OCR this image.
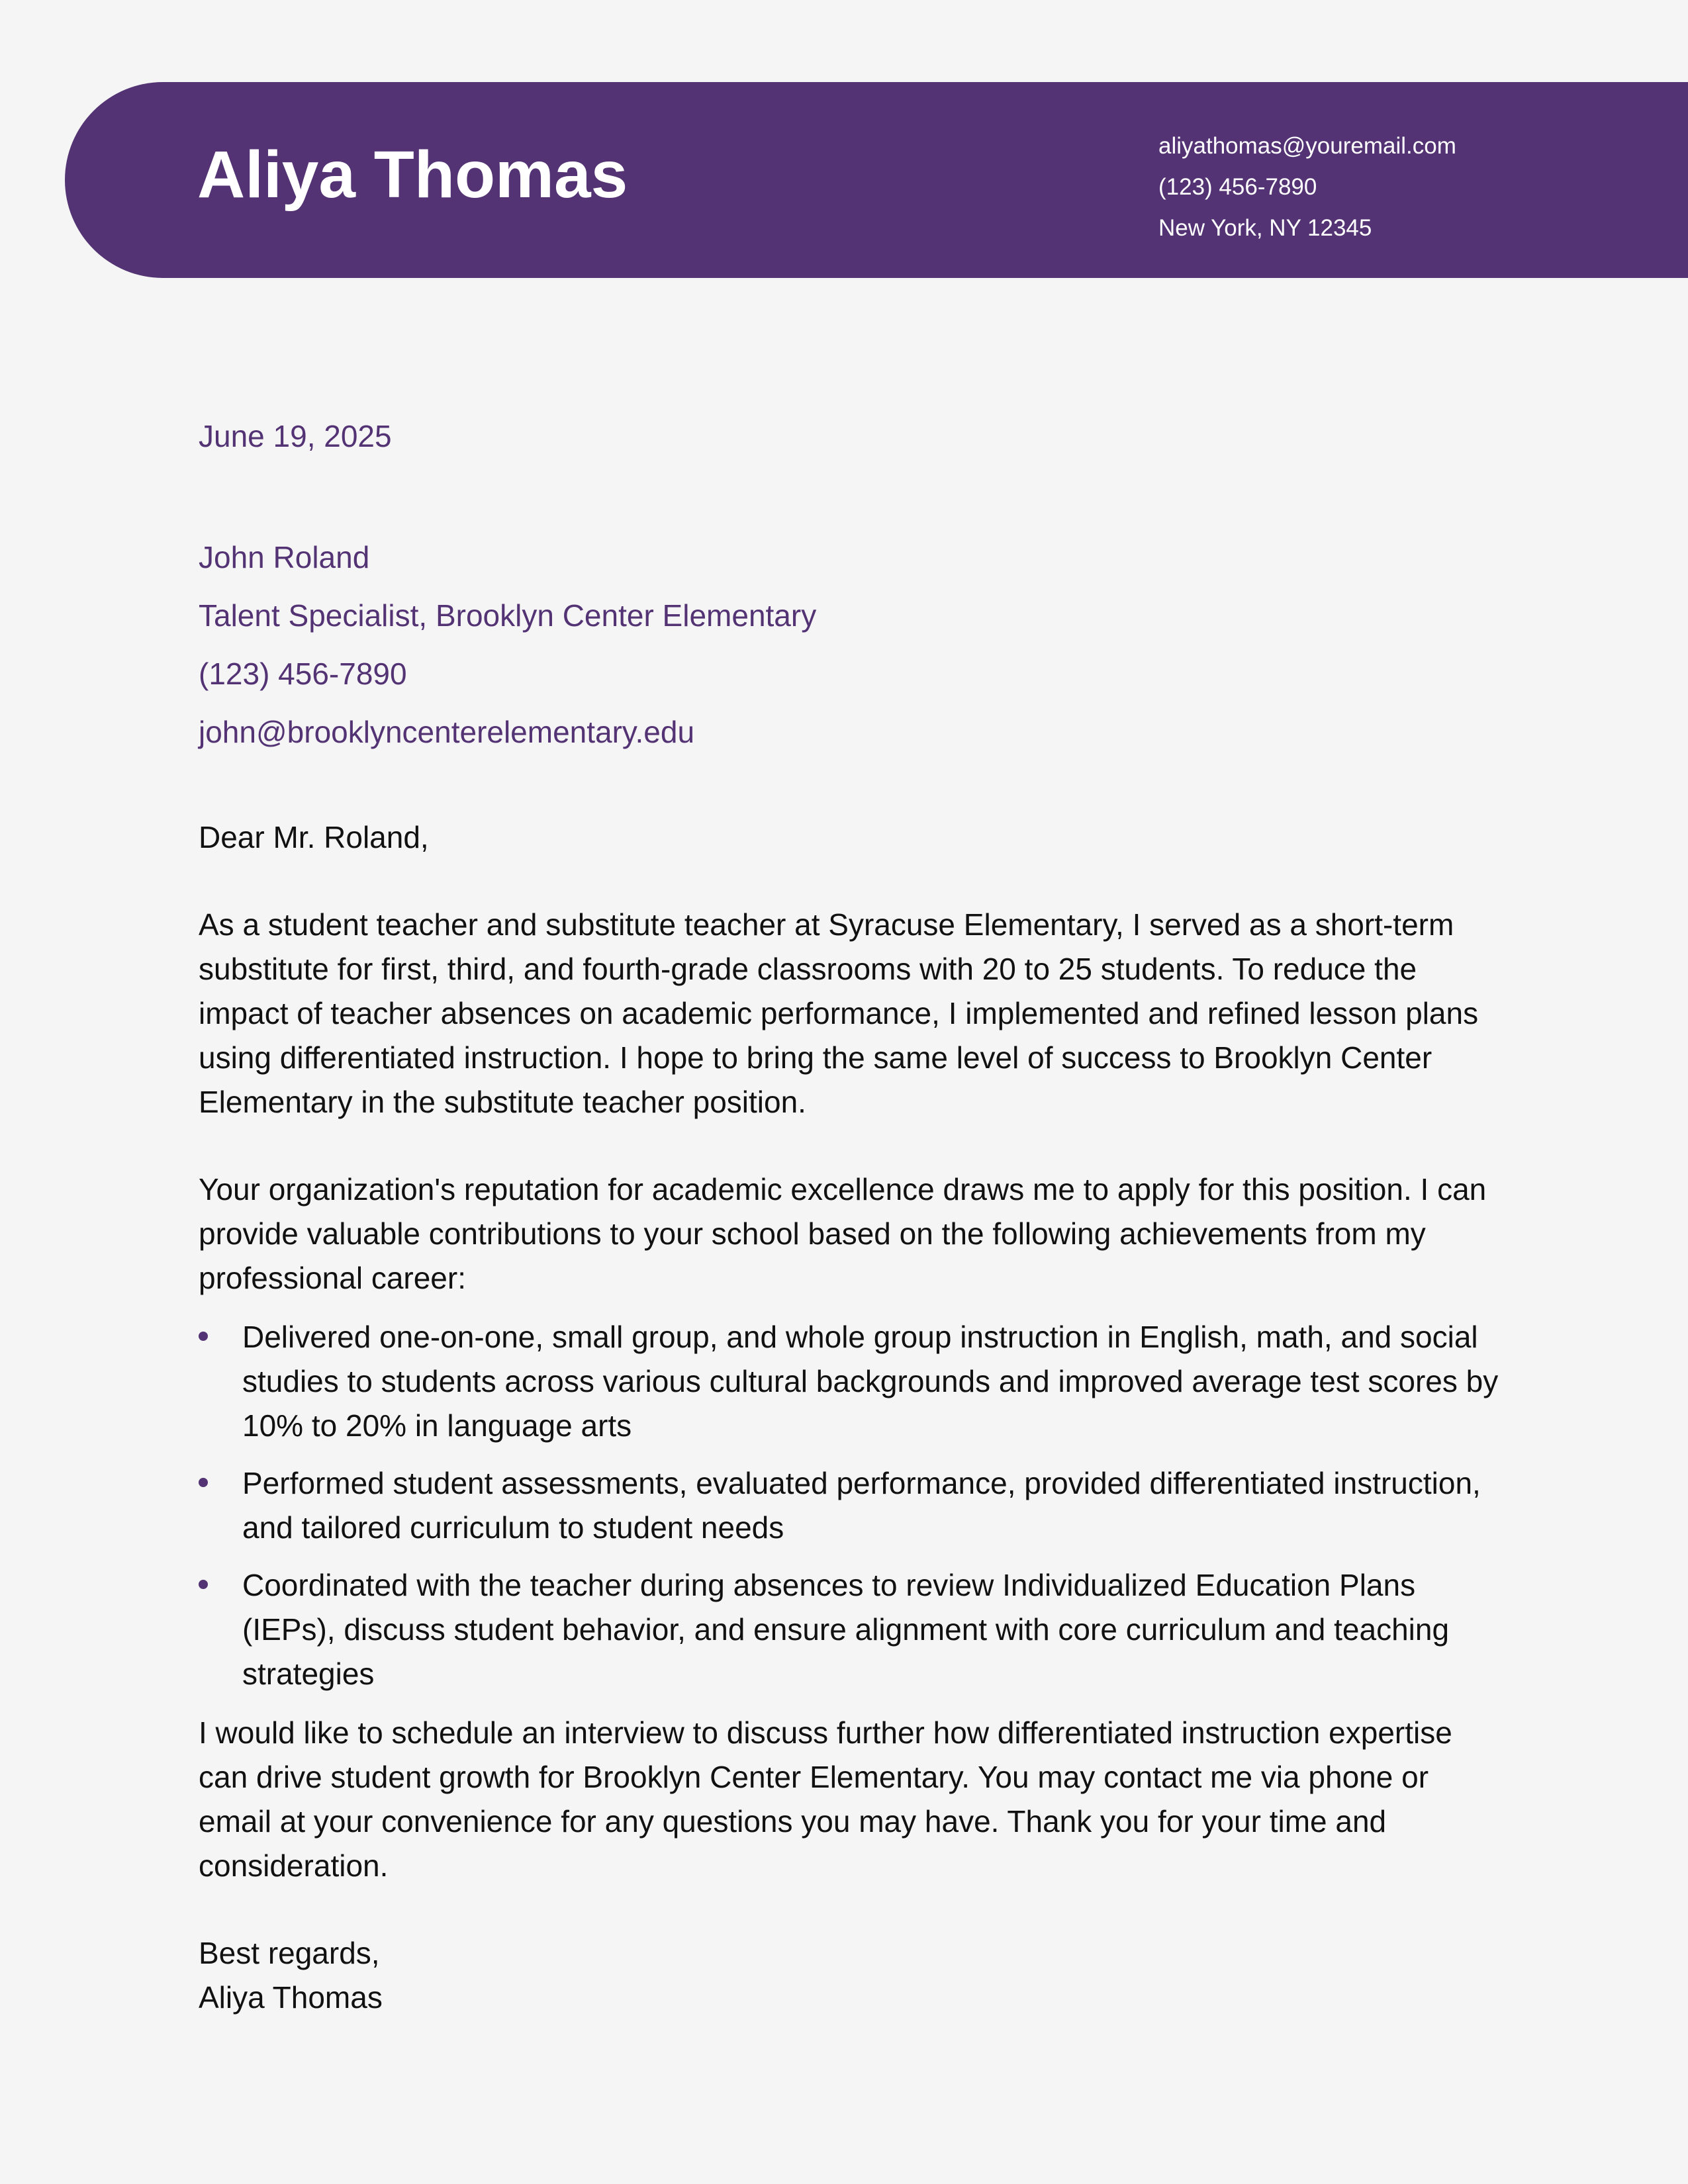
Aliya Thomas	aliyathomas@youremail.com
(123) 456-7890
New York, NY 12345
June 19, 2025
John Roland
Talent Specialist, Brooklyn Center Elementary
(123) 456-7890
john@brooklyncenterelementary.edu

Dear Mr. Roland,

As a student teacher and substitute teacher at Syracuse Elementary, I served as a short-term substitute for first, third, and fourth-grade classrooms with 20 to 25 students. To reduce the impact of teacher absences on academic performance, I implemented and refined lesson plans using differentiated instruction. I hope to bring the same level of success to Brooklyn Center Elementary in the substitute teacher position.

Your organization's reputation for academic excellence draws me to apply for this position. I can provide valuable contributions to your school based on the following achievements from my professional career:

Delivered one-on-one, small group, and whole group instruction in English, math, and social studies to students across various cultural backgrounds and improved average test scores by 10% to 20% in language arts
Performed student assessments, evaluated performance, provided differentiated instruction, and tailored curriculum to student needs
Coordinated with the teacher during absences to review Individualized Education Plans (IEPs), discuss student behavior, and ensure alignment with core curriculum and teaching strategies

I would like to schedule an interview to discuss further how differentiated instruction expertise can drive student growth for Brooklyn Center Elementary. You may contact me via phone or email at your convenience for any questions you may have. Thank you for your time and consideration.

Best regards,

Aliya Thomas
